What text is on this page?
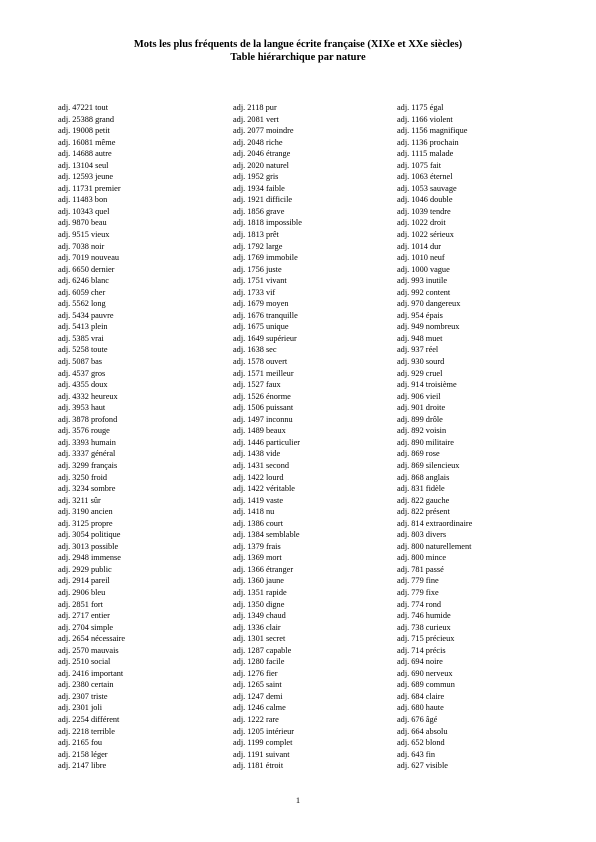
Mots les plus fréquents de la langue écrite française (XIXe et XXe siècles)
Table hiérarchique par nature
adj. 47221 tout
adj. 25388 grand
adj. 19008 petit
adj. 16081 même
adj. 14688 autre
adj. 13104 seul
adj. 12593 jeune
adj. 11731 premier
adj. 11483 bon
adj. 10343 quel
adj. 9870 beau
adj. 9515 vieux
adj. 7038 noir
adj. 7019 nouveau
adj. 6650 dernier
adj. 6246 blanc
adj. 6059 cher
adj. 5562 long
adj. 5434 pauvre
adj. 5413 plein
adj. 5385 vrai
adj. 5258 toute
adj. 5087 bas
adj. 4537 gros
adj. 4355 doux
adj. 4332 heureux
adj. 3953 haut
adj. 3878 profond
adj. 3576 rouge
adj. 3393 humain
adj. 3337 général
adj. 3299 français
adj. 3250 froid
adj. 3234 sombre
adj. 3211 sûr
adj. 3190 ancien
adj. 3125 propre
adj. 3054 politique
adj. 3013 possible
adj. 2948 immense
adj. 2929 public
adj. 2914 pareil
adj. 2906 bleu
adj. 2851 fort
adj. 2717 entier
adj. 2704 simple
adj. 2654 nécessaire
adj. 2570 mauvais
adj. 2510 social
adj. 2416 important
adj. 2380 certain
adj. 2307 triste
adj. 2301 joli
adj. 2254 différent
adj. 2218 terrible
adj. 2165 fou
adj. 2158 léger
adj. 2147 libre
adj. 2118 pur
adj. 2081 vert
adj. 2077 moindre
adj. 2048 riche
adj. 2046 étrange
adj. 2020 naturel
adj. 1952 gris
adj. 1934 faible
adj. 1921 difficile
adj. 1856 grave
adj. 1818 impossible
adj. 1813 prêt
adj. 1792 large
adj. 1769 immobile
adj. 1756 juste
adj. 1751 vivant
adj. 1733 vif
adj. 1679 moyen
adj. 1676 tranquille
adj. 1675 unique
adj. 1649 supérieur
adj. 1638 sec
adj. 1578 ouvert
adj. 1571 meilleur
adj. 1527 faux
adj. 1526 énorme
adj. 1506 puissant
adj. 1497 inconnu
adj. 1489 beaux
adj. 1446 particulier
adj. 1438 vide
adj. 1431 second
adj. 1422 lourd
adj. 1422 véritable
adj. 1419 vaste
adj. 1418 nu
adj. 1386 court
adj. 1384 semblable
adj. 1379 frais
adj. 1369 mort
adj. 1366 étranger
adj. 1360 jaune
adj. 1351 rapide
adj. 1350 digne
adj. 1349 chaud
adj. 1336 clair
adj. 1301 secret
adj. 1287 capable
adj. 1280 facile
adj. 1276 fier
adj. 1265 saint
adj. 1247 demi
adj. 1246 calme
adj. 1222 rare
adj. 1205 intérieur
adj. 1199 complet
adj. 1191 suivant
adj. 1181 étroit
adj. 1175 égal
adj. 1166 violent
adj. 1156 magnifique
adj. 1136 prochain
adj. 1115 malade
adj. 1075 fait
adj. 1063 éternel
adj. 1053 sauvage
adj. 1046 double
adj. 1039 tendre
adj. 1022 droit
adj. 1022 sérieux
adj. 1014 dur
adj. 1010 neuf
adj. 1000 vague
adj. 993 inutile
adj. 992 content
adj. 970 dangereux
adj. 954 épais
adj. 949 nombreux
adj. 948 muet
adj. 937 réel
adj. 930 sourd
adj. 929 cruel
adj. 914 troisième
adj. 906 vieil
adj. 901 droite
adj. 899 drôle
adj. 892 voisin
adj. 890 militaire
adj. 869 rose
adj. 869 silencieux
adj. 868 anglais
adj. 831 fidèle
adj. 822 gauche
adj. 822 présent
adj. 814 extraordinaire
adj. 803 divers
adj. 800 naturellement
adj. 800 mince
adj. 781 passé
adj. 779 fine
adj. 779 fixe
adj. 774 rond
adj. 746 humide
adj. 738 curieux
adj. 715 précieux
adj. 714 précis
adj. 694 noire
adj. 690 nerveux
adj. 689 commun
adj. 684 claire
adj. 680 haute
adj. 676 âgé
adj. 664 absolu
adj. 652 blond
adj. 643 fin
adj. 627 visible
1
